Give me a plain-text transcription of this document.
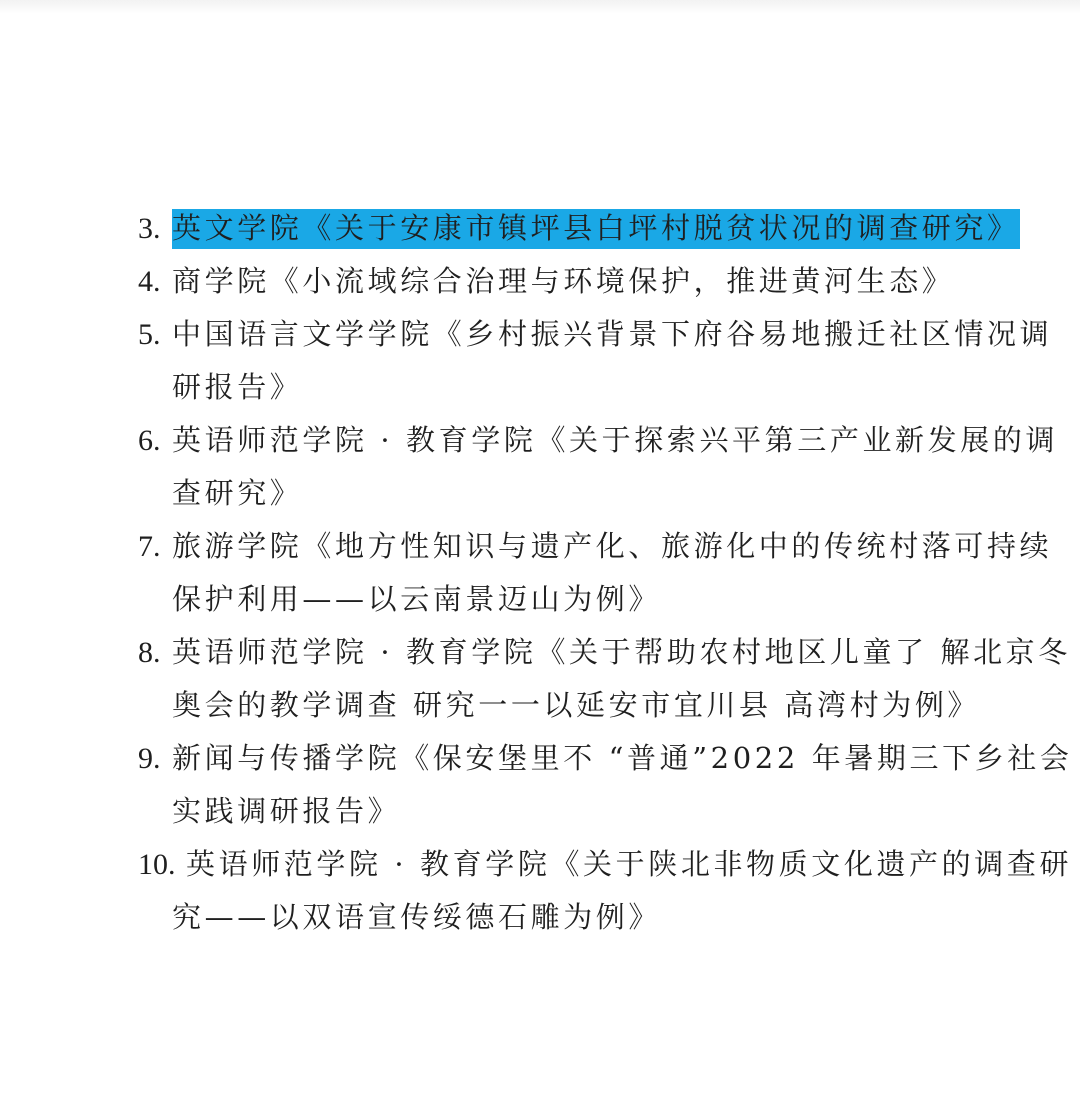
3. 英文学院《关于安康市镇坪县白坪村脱贫状况的调查研究》
4. 商学院《小流域综合治理与环境保护，推进黄河生态》
5. 中国语言文学学院《乡村振兴背景下府谷易地搬迁社区情况调
研报告》
6. 英语师范学院 · 教育学院《关于探索兴平第三产业新发展的调
查研究》
7. 旅游学院《地方性知识与遗产化、旅游化中的传统村落可持续
保护利用——以云南景迈山为例》
8. 英语师范学院 · 教育学院《关于帮助农村地区儿童了 解北京冬
奥会的教学调查 研究一一以延安市宜川县 高湾村为例》
9. 新闻与传播学院《保安堡里不 “普通”2022 年暑期三下乡社会
实践调研报告》
10. 英语师范学院 · 教育学院《关于陕北非物质文化遗产的调查研
究——以双语宣传绥德石雕为例》
